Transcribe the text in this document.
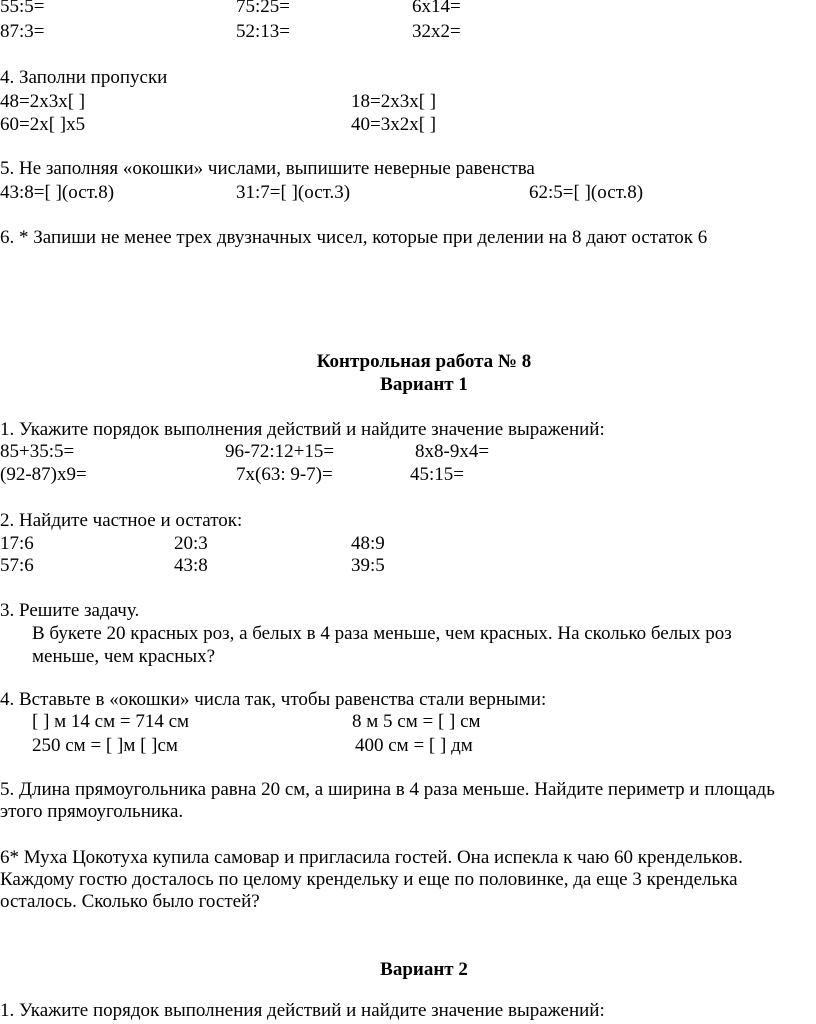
55:5=	75:25=	6x14=
87:3=	52:13=	32x2=
4. Заполни пропуски
48=2x3x[ ]	18=2x3x[ ]
60=2x[ ]x5	40=3x2x[ ]
5. Не заполняя «окошки» числами, выпишите неверные равенства
43:8=[ ](ост.8)	31:7=[ ](ост.3)	62:5=[ ](ост.8)
6. * Запиши не менее трех двузначных чисел, которые при делении на 8 дают остаток 6
Контрольная работа № 8
Вариант 1
1. Укажите порядок выполнения действий и найдите значение выражений:
85+35:5=	96-72:12+15=	8x8-9x4=
(92-87)x9=	7x(63: 9-7)=	45:15=
2. Найдите частное и остаток:
17:6	20:3	48:9
57:6	43:8	39:5
3. Решите задачу.
В букете 20 красных роз, а белых в 4 раза меньше, чем красных. На сколько белых роз
меньше, чем красных?
4. Вставьте в «окошки» числа так, чтобы равенства стали верными:
[ ] м 14 см = 714 см	8 м 5 см = [ ] см
250 см = [ ]м [ ]см	400 см = [ ] дм
5. Длина прямоугольника равна 20 см, а ширина в 4 раза меньше. Найдите периметр и площадь
этого прямоугольника.
6* Муха Цокотуха купила самовар и пригласила гостей. Она испекла к чаю 60 крендельков.
Каждому гостю досталось по целому крендельку и еще по половинке, да еще 3 кренделька
осталось. Сколько было гостей?
Вариант 2
1. Укажите порядок выполнения действий и найдите значение выражений:
